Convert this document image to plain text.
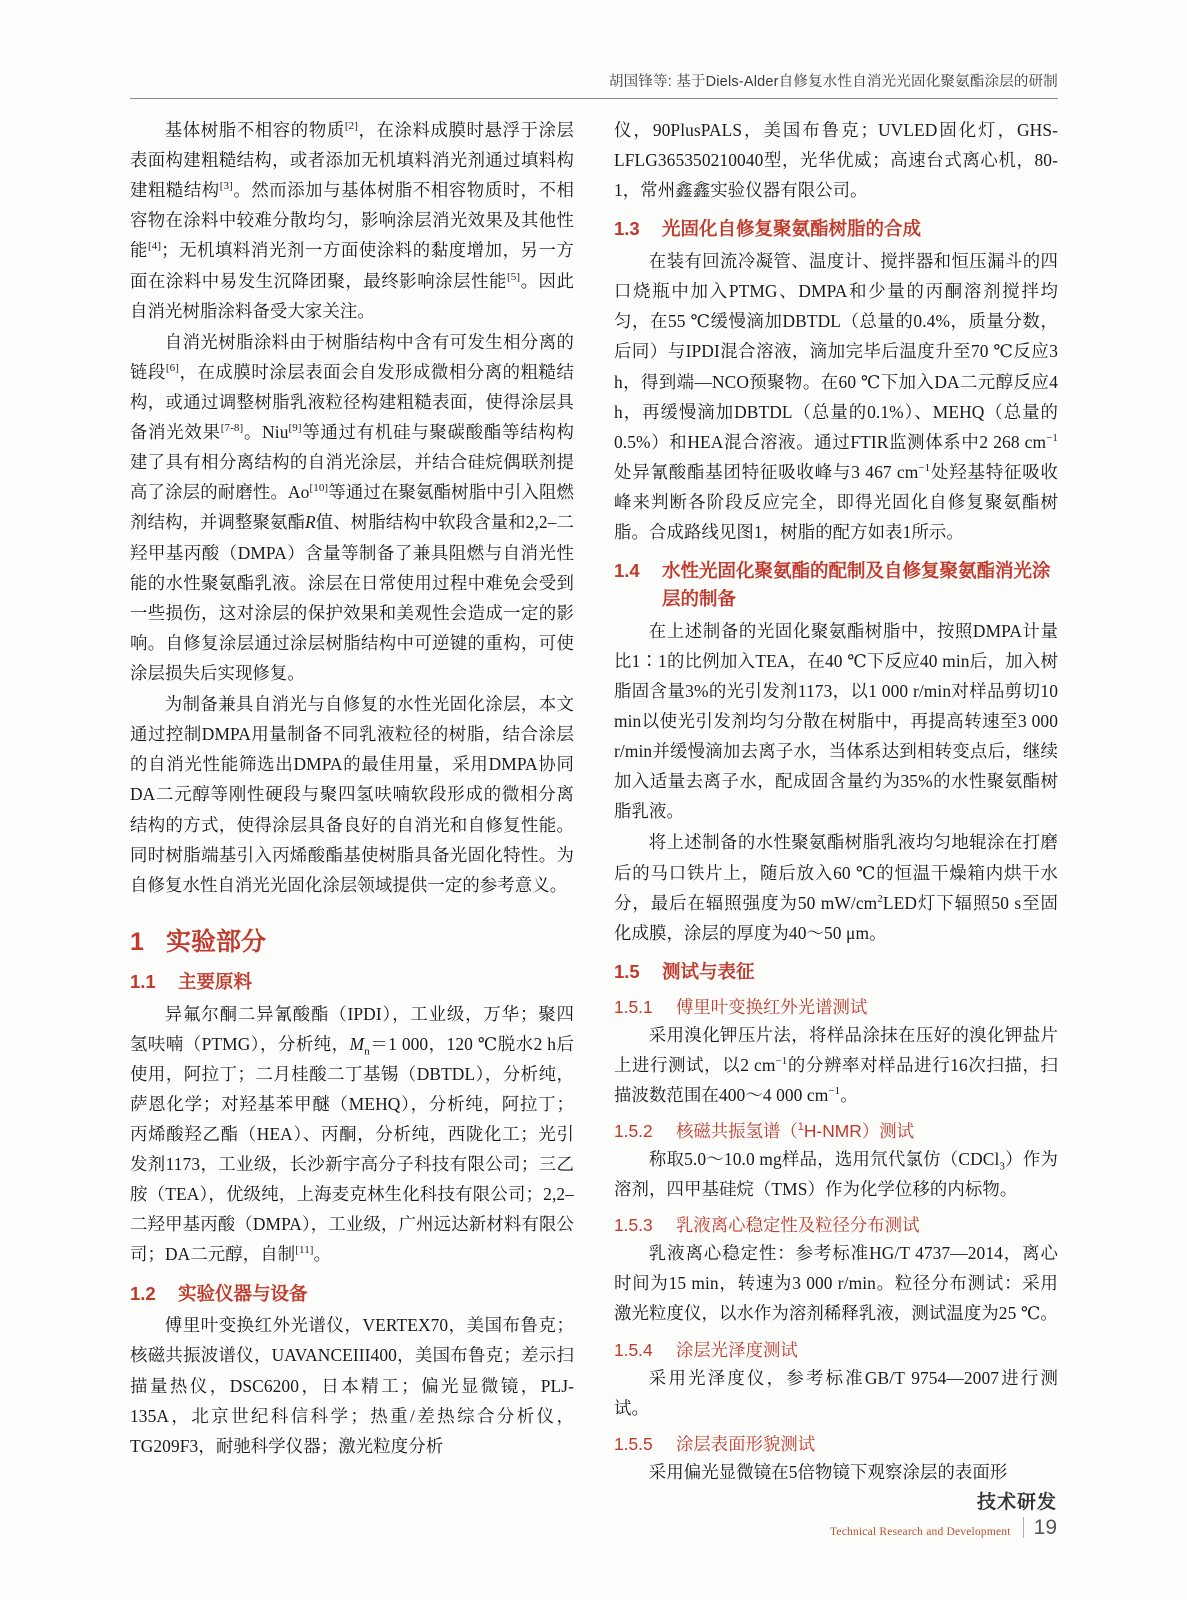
胡国锋等: 基于Diels-Alder自修复水性自消光光固化聚氨酯涂层的研制

基体树脂不相容的物质[2]，在涂料成膜时悬浮于涂层表面构建粗糙结构，或者添加无机填料消光剂通过填料构建粗糙结构[3]。然而添加与基体树脂不相容物质时，不相容物在涂料中较难分散均匀，影响涂层消光效果及其他性能[4]；无机填料消光剂一方面使涂料的黏度增加，另一方面在涂料中易发生沉降团聚，最终影响涂层性能[5]。因此自消光树脂涂料备受大家关注。

自消光树脂涂料由于树脂结构中含有可发生相分离的链段[6]，在成膜时涂层表面会自发形成微相分离的粗糙结构，或通过调整树脂乳液粒径构建粗糙表面，使得涂层具备消光效果[7-8]。Niu[9]等通过有机硅与聚碳酸酯等结构构建了具有相分离结构的自消光涂层，并结合硅烷偶联剂提高了涂层的耐磨性。Ao[10]等通过在聚氨酯树脂中引入阻燃剂结构，并调整聚氨酯R值、树脂结构中软段含量和2,2–二羟甲基丙酸（DMPA）含量等制备了兼具阻燃与自消光性能的水性聚氨酯乳液。涂层在日常使用过程中难免会受到一些损伤，这对涂层的保护效果和美观性会造成一定的影响。自修复涂层通过涂层树脂结构中可逆键的重构，可使涂层损失后实现修复。

为制备兼具自消光与自修复的水性光固化涂层，本文通过控制DMPA用量制备不同乳液粒径的树脂，结合涂层的自消光性能筛选出DMPA的最佳用量，采用DMPA协同DA二元醇等刚性硬段与聚四氢呋喃软段形成的微相分离结构的方式，使得涂层具备良好的自消光和自修复性能。同时树脂端基引入丙烯酸酯基使树脂具备光固化特性。为自修复水性自消光光固化涂层领域提供一定的参考意义。

1 实验部分
1.1	主要原料

异氟尔酮二异氰酸酯（IPDI），工业级，万华；聚四氢呋喃（PTMG），分析纯，$M_n=1$ 000，120 ℃脱水2 h后使用，阿拉丁；二月桂酸二丁基锡（DBTDL），分析纯，萨恩化学；对羟基苯甲醚（MEHQ），分析纯，阿拉丁；丙烯酸羟乙酯（HEA）、丙酮，分析纯，西陇化工；光引发剂1173，工业级，长沙新宇高分子科技有限公司；三乙胺（TEA），优级纯，上海麦克林生化科技有限公司；2,2–二羟甲基丙酸（DMPA），工业级，广州远达新材料有限公司；DA二元醇，自制[11]。

1.2	实验仪器与设备

傅里叶变换红外光谱仪，VERTEX70，美国布鲁克；核磁共振波谱仪，UAVANCEIII400，美国布鲁克；差示扫描量热仪，DSC6200，日本精工；偏光显微镜，PLJ-135A，北京世纪科信科学；热重/差热综合分析仪，TG209F3，耐驰科学仪器；激光粒度分析

仪，90PlusPALS，美国布鲁克；UVLED固化灯，GHS-LFLG365350210040型，光华优威；高速台式离心机，80-1，常州鑫鑫实验仪器有限公司。

1.3	光固化自修复聚氨酯树脂的合成

在装有回流冷凝管、温度计、搅拌器和恒压漏斗的四口烧瓶中加入PTMG、DMPA和少量的丙酮溶剂搅拌均匀，在55 ℃缓慢滴加DBTDL（总量的0.4%，质量分数，后同）与IPDI混合溶液，滴加完毕后温度升至70 ℃反应3 h，得到端—NCO预聚物。在60 ℃下加入DA二元醇反应4 h，再缓慢滴加DBTDL（总量的0.1%）、MEHQ（总量的0.5%）和HEA混合溶液。通过FTIR监测体系中2 268 $cm^{-1}$处异氰酸酯基团特征吸收峰与3 467 $cm^{-1}$处羟基特征吸收峰来判断各阶段反应完全，即得光固化自修复聚氨酯树脂。合成路线见图1，树脂的配方如表1所示。

1.4	水性光固化聚氨酯的配制及自修复聚氨酯消光涂层的制备

在上述制备的光固化聚氨酯树脂中，按照DMPA计量比1∶1的比例加入TEA，在40 ℃下反应40 min后，加入树脂固含量3%的光引发剂1173，以1 000 r/min对样品剪切10 min以使光引发剂均匀分散在树脂中，再提高转速至3 000 r/min并缓慢滴加去离子水，当体系达到相转变点后，继续加入适量去离子水，配成固含量约为35%的水性聚氨酯树脂乳液。

将上述制备的水性聚氨酯树脂乳液均匀地辊涂在打磨后的马口铁片上，随后放入60 ℃的恒温干燥箱内烘干水分，最后在辐照强度为50 $mW/cm^2LED$灯下辐照50 s至固化成膜，涂层的厚度为40～50 μm。

1.5	测试与表征
1.5.1	傅里叶变换红外光谱测试

采用溴化钾压片法，将样品涂抹在压好的溴化钾盐片上进行测试，以2 $cm^{-1}$的分辨率对样品进行16次扫描，扫描波数范围在400～4 000 $cm^{-1}$。

1.5.2	核磁共振氢谱（$^1$H-NMR）测试

称取5.0～10.0 mg样品，选用氘代氯仿（CDCl$_3$）作为溶剂，四甲基硅烷（TMS）作为化学位移的内标物。

1.5.3	乳液离心稳定性及粒径分布测试

乳液离心稳定性：参考标准HG/T 4737—2014，离心时间为15 min，转速为3 000 r/min。粒径分布测试：采用激光粒度仪，以水作为溶剂稀释乳液，测试温度为25 ℃。

1.5.4	涂层光泽度测试

采用光泽度仪，参考标准GB/T 9754—2007进行测试。

1.5.5	涂层表面形貌测试

采用偏光显微镜在5倍物镜下观察涂层的表面形

技术研发
Technical Research and Development	19
